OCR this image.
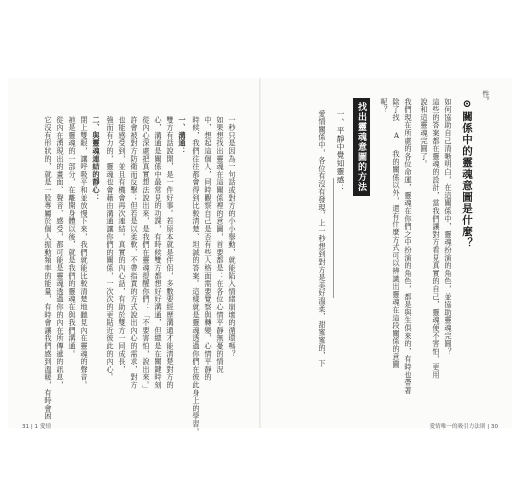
一秒只是因為一句話或對方的小小舉動，就能陷入情緒崩壞的循環嗎？
如果想找出靈魂在這關係裡的意圖，首要都是：在各位心情平靜無憂的情況
中，想起這個人，同時觀察自己是否有些人格面需要覺察與轉變，心情平靜的
時候，我們往往都會得到比較清楚、坦誠的答案。這樣就是靈魂透過你們在彼此身上的學習。
一、溝通：
雙方有話說開，是一件好事。若原本就是伴侶，多數要經歷溝通才能清楚對方的
心，溝通是關係中最常見的功課，有時候雙方都想好好溝通，但總是在關鍵時刻
從內心深處把真實想法說出來，是我們在靈魂提醒你們：「不要害怕，說出來。」
許會被對方防衛而反擊；但若是以柔軟、不帶指責的方式說出內心的需求，對方
也能感受到，並且有機會再次連結。真實的內心話，有助於雙方一同成長，
強而有力的，靈魂也會藉由溝通讓你們的關係，一次次的更貼近彼此的內心。
二、與靈魂連結的靜心：
閉上雙眼，讓呼吸平和並放慢下來，我們就能比較清楚地聽見內在靈魂的聲音。
祂是靈魂的一部分，在離開身體以後，就是我們的靈魂在與我們溝通。
從內在湧現出的畫面、聲音、感受，都可能是靈魂透過你的內在所傳遞的訊息，
它沒有形狀的，就是一股專屬於個人振動頻率的能量，有時會讓我們感到溫暖，有時會困
31 | 1 愛情
性。
⊙關係中的靈魂意圖是什麼？
如何協助自己清晰明白，在這關係中，靈魂扮演的角色，並協助靈魂完圓？
這些的答案都在靈魂的設計，當我們讓對方看見真實的自己，靈魂便不害怕，更用
說和這靈魂完圓了。
我們現在所處的各位命運，靈魂在你們之中扮演的角色，都是與生俱來的，有時也帶著
除了找 A 我的關係以外，還有什麼方式可以辨識出靈魂在這段關係的意圖
呢？
找出靈魂意圖的方法
一、平靜中覺知靈感：
愛情關係中，各位有沒有發現，上一秒想到對方是美好溫柔，甜蜜蜜的，下
愛情唯一的吸引力法則 | 30
